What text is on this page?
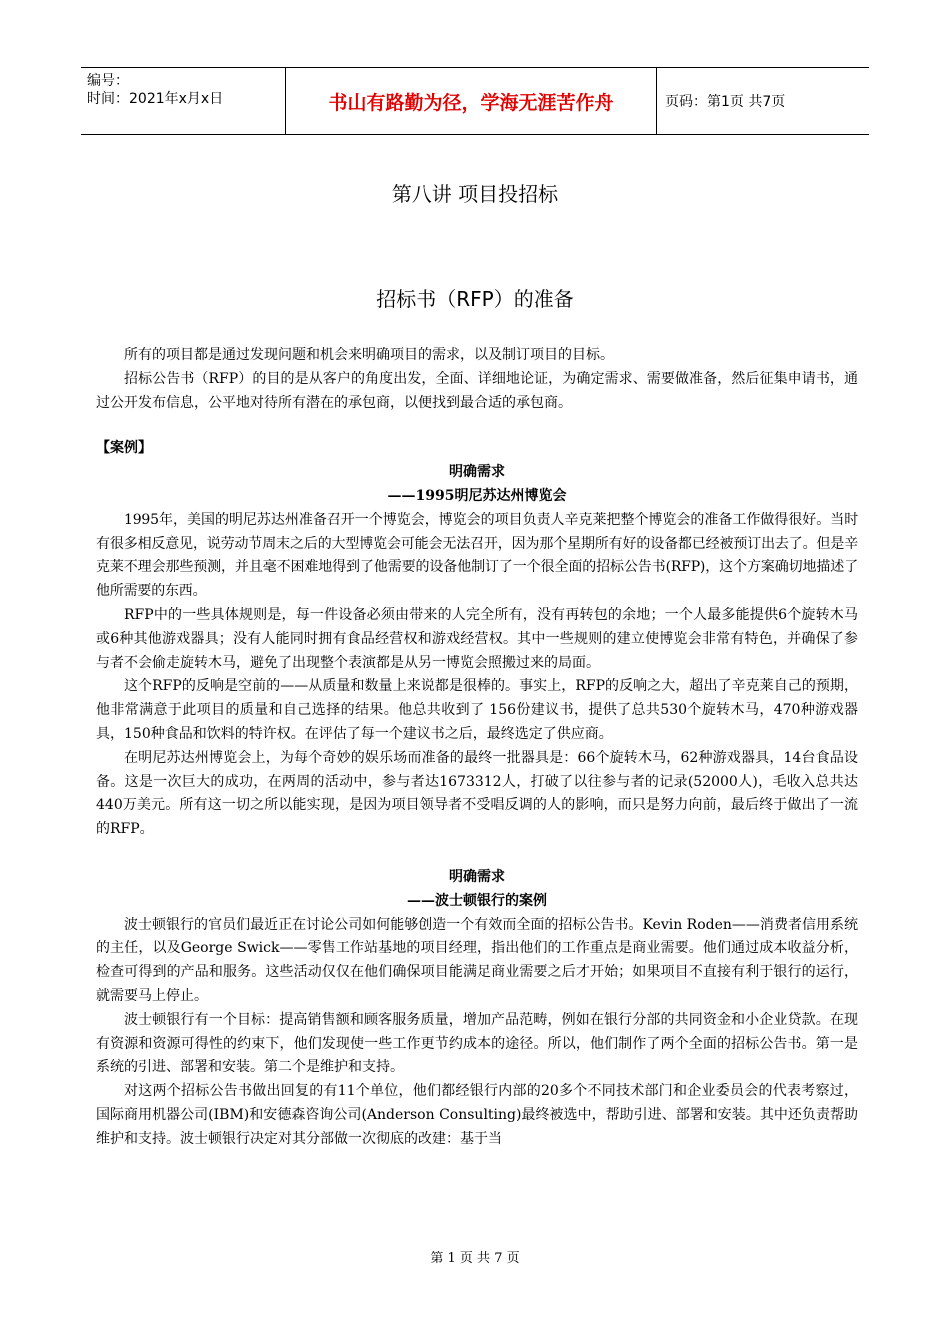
编号：
时间：2021年x月x日	书山有路勤为径，学海无涯苦作舟	页码：第1页 共7页
第八讲 项目投招标
招标书（RFP）的准备

所有的项目都是通过发现问题和机会来明确项目的需求，以及制订项目的目标。

招标公告书（RFP）的目的是从客户的角度出发，全面、详细地论证，为确定需求、需要做准备，然后征集申请书，通过公开发布信息，公平地对待所有潜在的承包商，以便找到最合适的承包商。

【案例】

明确需求

——1995明尼苏达州博览会

1995年，美国的明尼苏达州准备召开一个博览会，博览会的项目负责人辛克莱把整个博览会的准备工作做得很好。当时有很多相反意见，说劳动节周末之后的大型博览会可能会无法召开，因为那个星期所有好的设备都已经被预订出去了。但是辛克莱不理会那些预测，并且毫不困难地得到了他需要的设备他制订了一个很全面的招标公告书(RFP)，这个方案确切地描述了他所需要的东西。

RFP中的一些具体规则是，每一件设备必须由带来的人完全所有，没有再转包的余地；一个人最多能提供6个旋转木马或6种其他游戏器具；没有人能同时拥有食品经营权和游戏经营权。其中一些规则的建立使博览会非常有特色，并确保了参与者不会偷走旋转木马，避免了出现整个表演都是从另一博览会照搬过来的局面。

这个RFP的反响是空前的——从质量和数量上来说都是很棒的。事实上，RFP的反响之大，超出了辛克莱自己的预期，他非常满意于此项目的质量和自己选择的结果。他总共收到了 156份建议书，提供了总共530个旋转木马，470种游戏器具，150种食品和饮料的特许权。在评估了每一个建议书之后，最终选定了供应商。

在明尼苏达州博览会上，为每个奇妙的娱乐场而准备的最终一批器具是：66个旋转木马，62种游戏器具，14台食品设备。这是一次巨大的成功，在两周的活动中，参与者达1673312人，打破了以往参与者的记录(52000人)，毛收入总共达440万美元。所有这一切之所以能实现，是因为项目领导者不受唱反调的人的影响，而只是努力向前，最后终于做出了一流的RFP。

明确需求

——波士顿银行的案例

波士顿银行的官员们最近正在讨论公司如何能够创造一个有效而全面的招标公告书。Kevin Roden——消费者信用系统的主任，以及George Swick——零售工作站基地的项目经理，指出他们的工作重点是商业需要。他们通过成本收益分析，检查可得到的产品和服务。这些活动仅仅在他们确保项目能满足商业需要之后才开始；如果项目不直接有利于银行的运行，就需要马上停止。

波士顿银行有一个目标：提高销售额和顾客服务质量，增加产品范畴，例如在银行分部的共同资金和小企业贷款。在现有资源和资源可得性的约束下，他们发现使一些工作更节约成本的途径。所以，他们制作了两个全面的招标公告书。第一是系统的引进、部署和安装。第二个是维护和支持。

对这两个招标公告书做出回复的有11个单位，他们都经银行内部的20多个不同技术部门和企业委员会的代表考察过，国际商用机器公司(IBM)和安德森咨询公司(Anderson Consulting)最终被选中，帮助引进、部署和安装。其中还负责帮助维护和支持。波士顿银行决定对其分部做一次彻底的改建：基于当

第 1 页 共 7 页
